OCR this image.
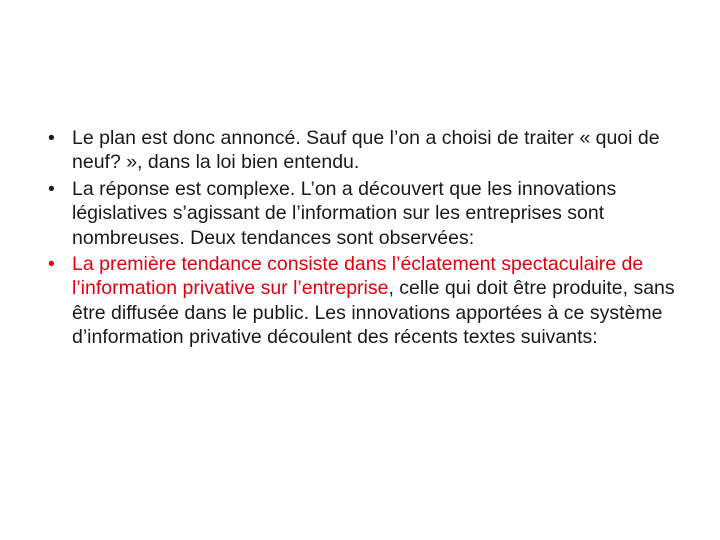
• Le plan est donc annoncé. Sauf que l’on a choisi de traiter « quoi de neuf? », dans la loi bien entendu.
• La réponse est complexe. L’on a découvert que les innovations législatives s’agissant de l’information sur les entreprises sont nombreuses. Deux tendances sont observées:
• La première tendance consiste dans l’éclatement spectaculaire de l’information privative sur l’entreprise, celle qui doit être produite, sans être diffusée dans le public. Les innovations apportées à ce système d’information privative découlent des récents textes suivants:
